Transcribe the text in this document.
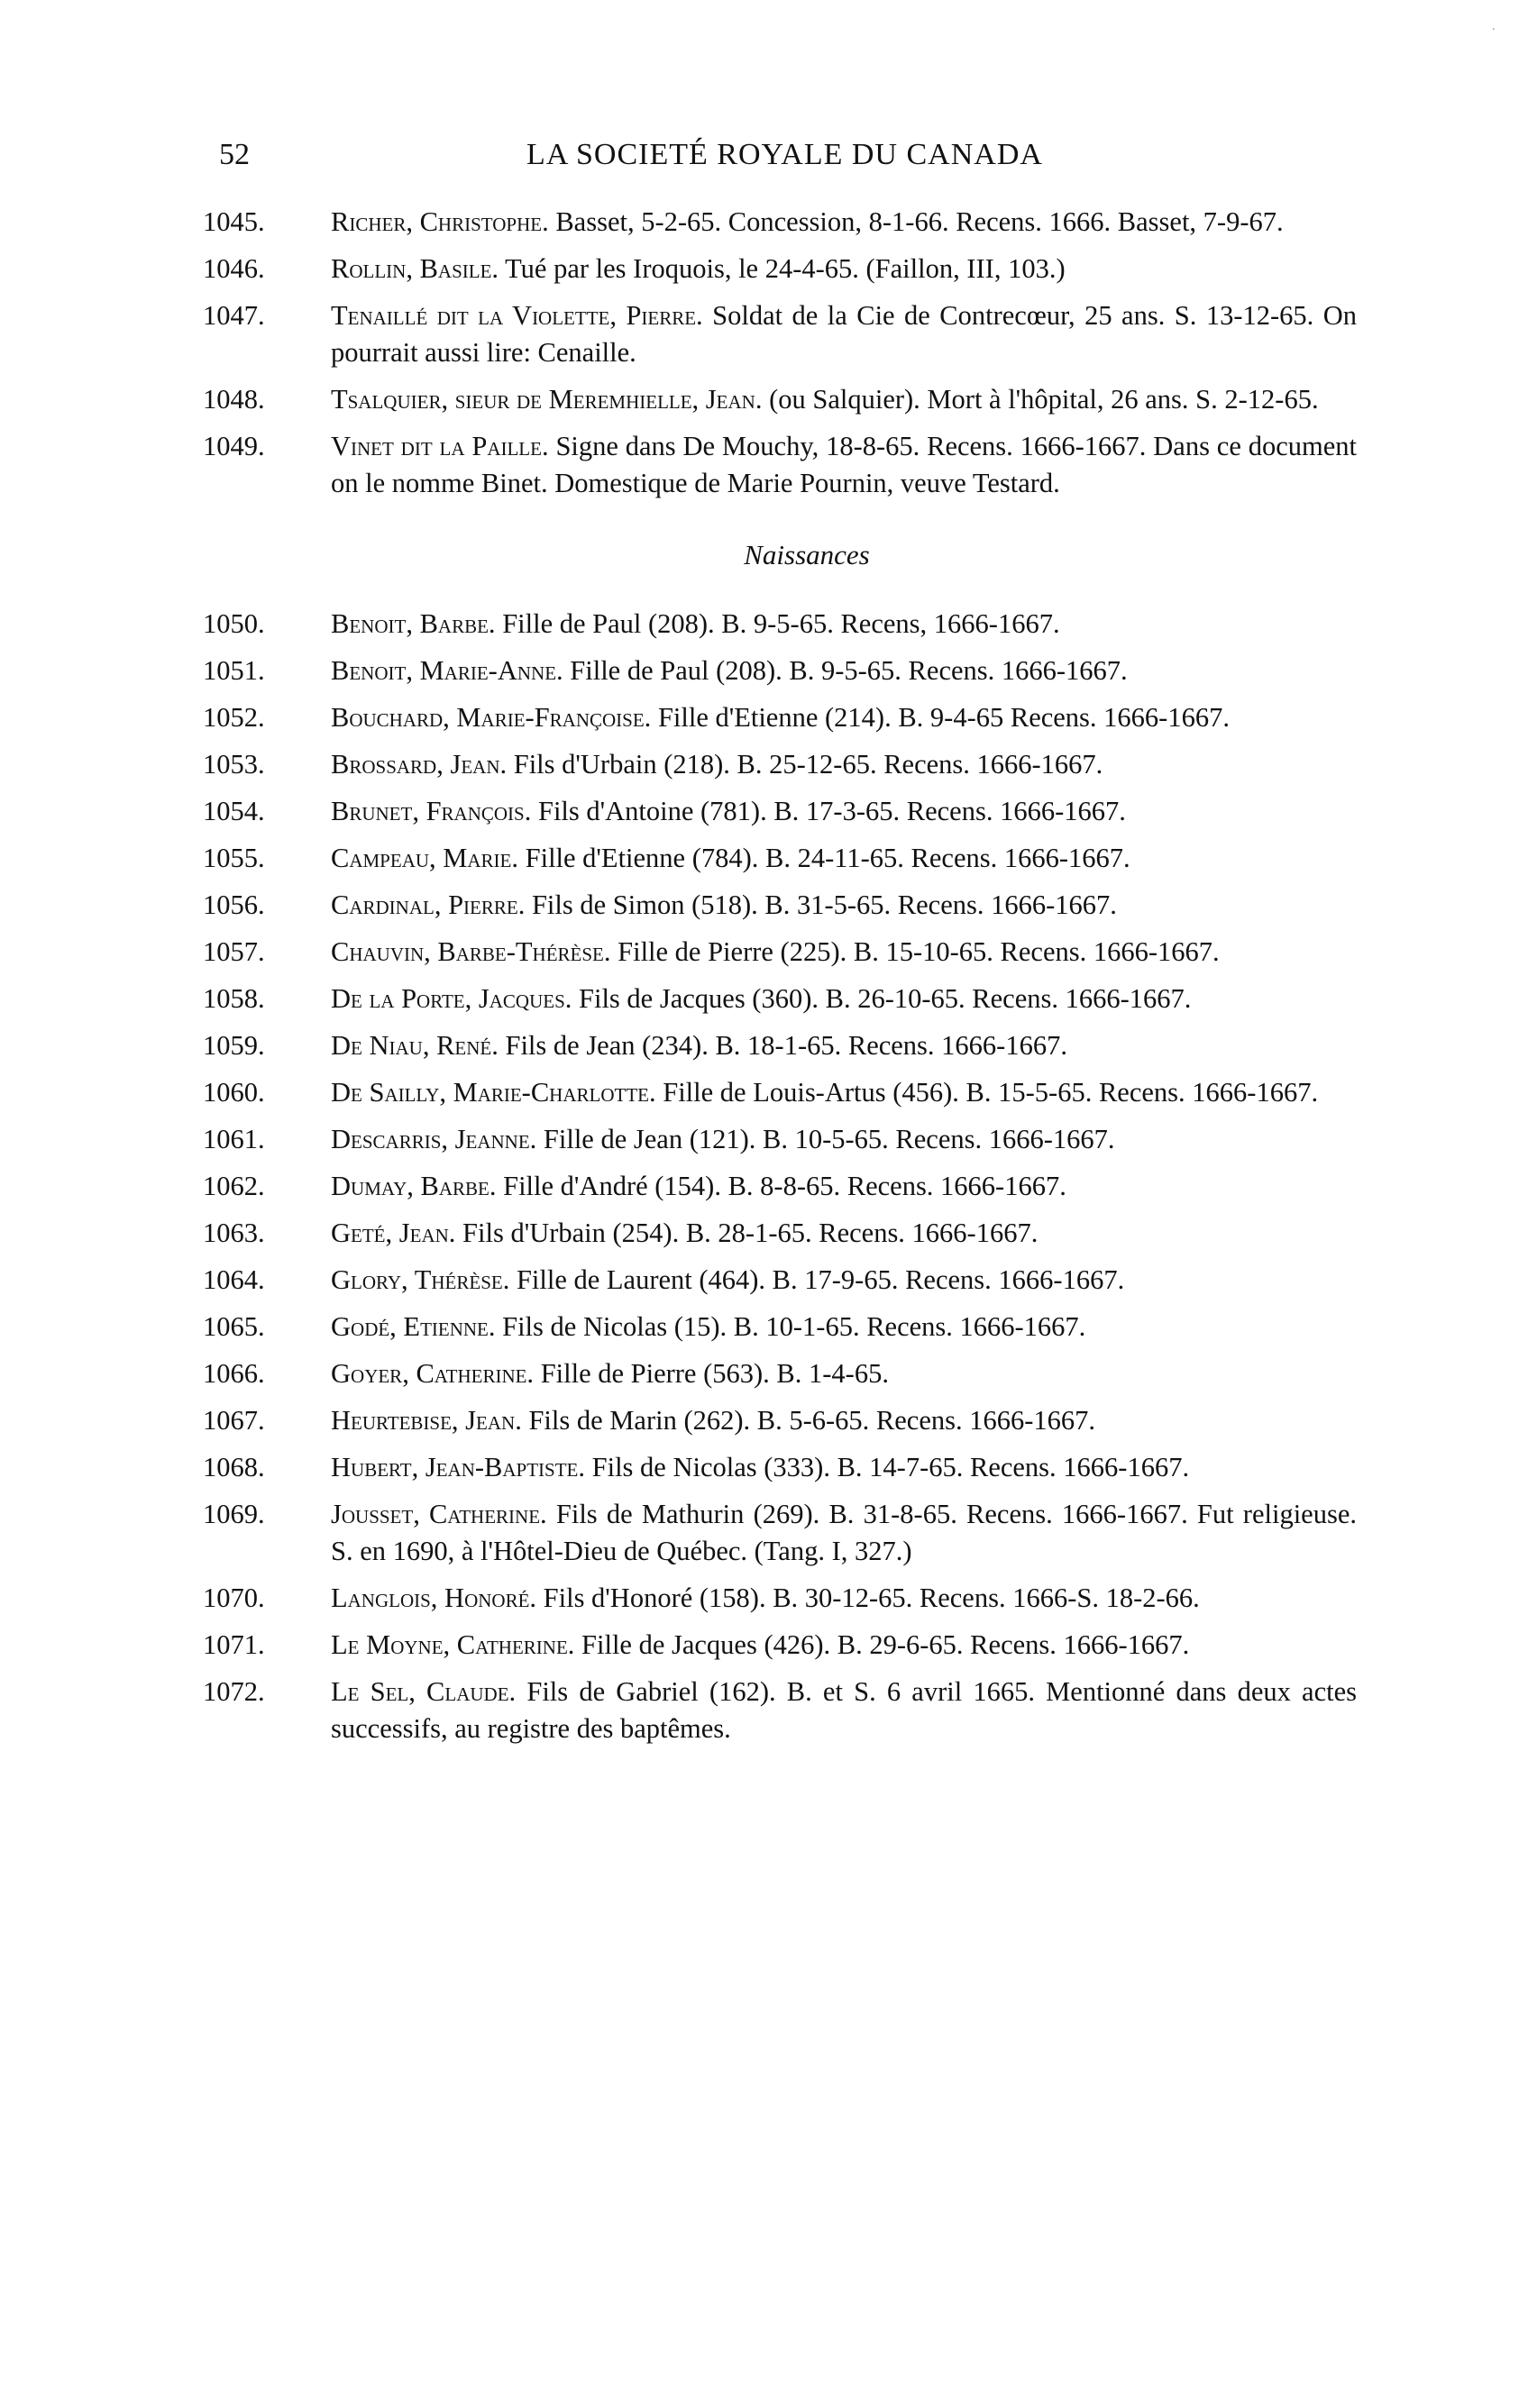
·
52	LA SOCIETÉ ROYALE DU CANADA
1045. Richer, Christophe. Basset, 5-2-65. Concession, 8-1-66. Recens. 1666. Basset, 7-9-67.
1046. Rollin, Basile. Tué par les Iroquois, le 24-4-65. (Faillon, III, 103.)
1047. Tenaillé dit la Violette, Pierre. Soldat de la Cie de Contrecœur, 25 ans. S. 13-12-65. On pourrait aussi lire: Cenaille.
1048. Tsalquier, sieur de Meremhielle, Jean. (ou Salquier). Mort à l'hôpital, 26 ans. S. 2-12-65.
1049. Vinet dit la Paille. Signe dans De Mouchy, 18-8-65. Recens. 1666-1667. Dans ce document on le nomme Binet. Domestique de Marie Pournin, veuve Testard.
Naissances
1050. Benoit, Barbe. Fille de Paul (208). B. 9-5-65. Recens, 1666-1667.
1051. Benoit, Marie-Anne. Fille de Paul (208). B. 9-5-65. Recens. 1666-1667.
1052. Bouchard, Marie-Françoise. Fille d'Etienne (214). B. 9-4-65 Recens. 1666-1667.
1053. Brossard, Jean. Fils d'Urbain (218). B. 25-12-65. Recens. 1666-1667.
1054. Brunet, François. Fils d'Antoine (781). B. 17-3-65. Recens. 1666-1667.
1055. Campeau, Marie. Fille d'Etienne (784). B. 24-11-65. Recens. 1666-1667.
1056. Cardinal, Pierre. Fils de Simon (518). B. 31-5-65. Recens. 1666-1667.
1057. Chauvin, Barbe-Thérèse. Fille de Pierre (225). B. 15-10-65. Recens. 1666-1667.
1058. De la Porte, Jacques. Fils de Jacques (360). B. 26-10-65. Recens. 1666-1667.
1059. De Niau, René. Fils de Jean (234). B. 18-1-65. Recens. 1666-1667.
1060. De Sailly, Marie-Charlotte. Fille de Louis-Artus (456). B. 15-5-65. Recens. 1666-1667.
1061. Descarris, Jeanne. Fille de Jean (121). B. 10-5-65. Recens. 1666-1667.
1062. Dumay, Barbe. Fille d'André (154). B. 8-8-65. Recens. 1666-1667.
1063. Geté, Jean. Fils d'Urbain (254). B. 28-1-65. Recens. 1666-1667.
1064. Glory, Thérèse. Fille de Laurent (464). B. 17-9-65. Recens. 1666-1667.
1065. Godé, Etienne. Fils de Nicolas (15). B. 10-1-65. Recens. 1666-1667.
1066. Goyer, Catherine. Fille de Pierre (563). B. 1-4-65.
1067. Heurtebise, Jean. Fils de Marin (262). B. 5-6-65. Recens. 1666-1667.
1068. Hubert, Jean-Baptiste. Fils de Nicolas (333). B. 14-7-65. Recens. 1666-1667.
1069. Jousset, Catherine. Fils de Mathurin (269). B. 31-8-65. Recens. 1666-1667. Fut religieuse. S. en 1690, à l'Hôtel-Dieu de Québec. (Tang. I, 327.)
1070. Langlois, Honoré. Fils d'Honoré (158). B. 30-12-65. Recens. 1666-S. 18-2-66.
1071. Le Moyne, Catherine. Fille de Jacques (426). B. 29-6-65. Recens. 1666-1667.
1072. Le Sel, Claude. Fils de Gabriel (162). B. et S. 6 avril 1665. Mentionné dans deux actes successifs, au registre des baptêmes.
